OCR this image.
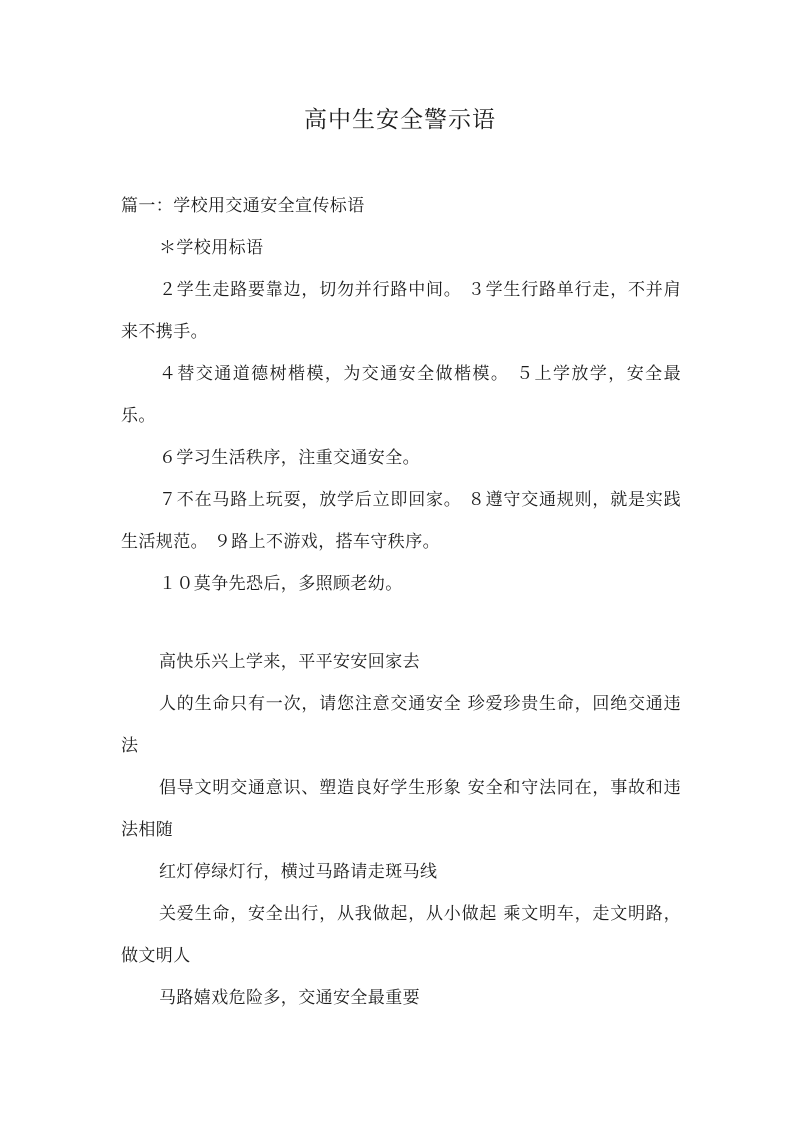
高中生安全警示语

篇一：学校用交通安全宣传标语

＊学校用标语

２学生走路要靠边，切勿并行路中间。 ３学生行路单行走，不并肩来不携手。

４替交通道德树楷模，为交通安全做楷模。 ５上学放学，安全最乐。

６学习生活秩序，注重交通安全。

７不在马路上玩耍，放学后立即回家。 ８遵守交通规则，就是实践生活规范。 ９路上不游戏，搭车守秩序。

１０莫争先恐后，多照顾老幼。

高快乐兴上学来，平平安安回家去

人的生命只有一次，请您注意交通安全 珍爱珍贵生命，回绝交通违法

倡导文明交通意识、塑造良好学生形象 安全和守法同在，事故和违法相随

红灯停绿灯行，横过马路请走斑马线

关爱生命，安全出行，从我做起，从小做起 乘文明车，走文明路，做文明人

马路嬉戏危险多，交通安全最重要
